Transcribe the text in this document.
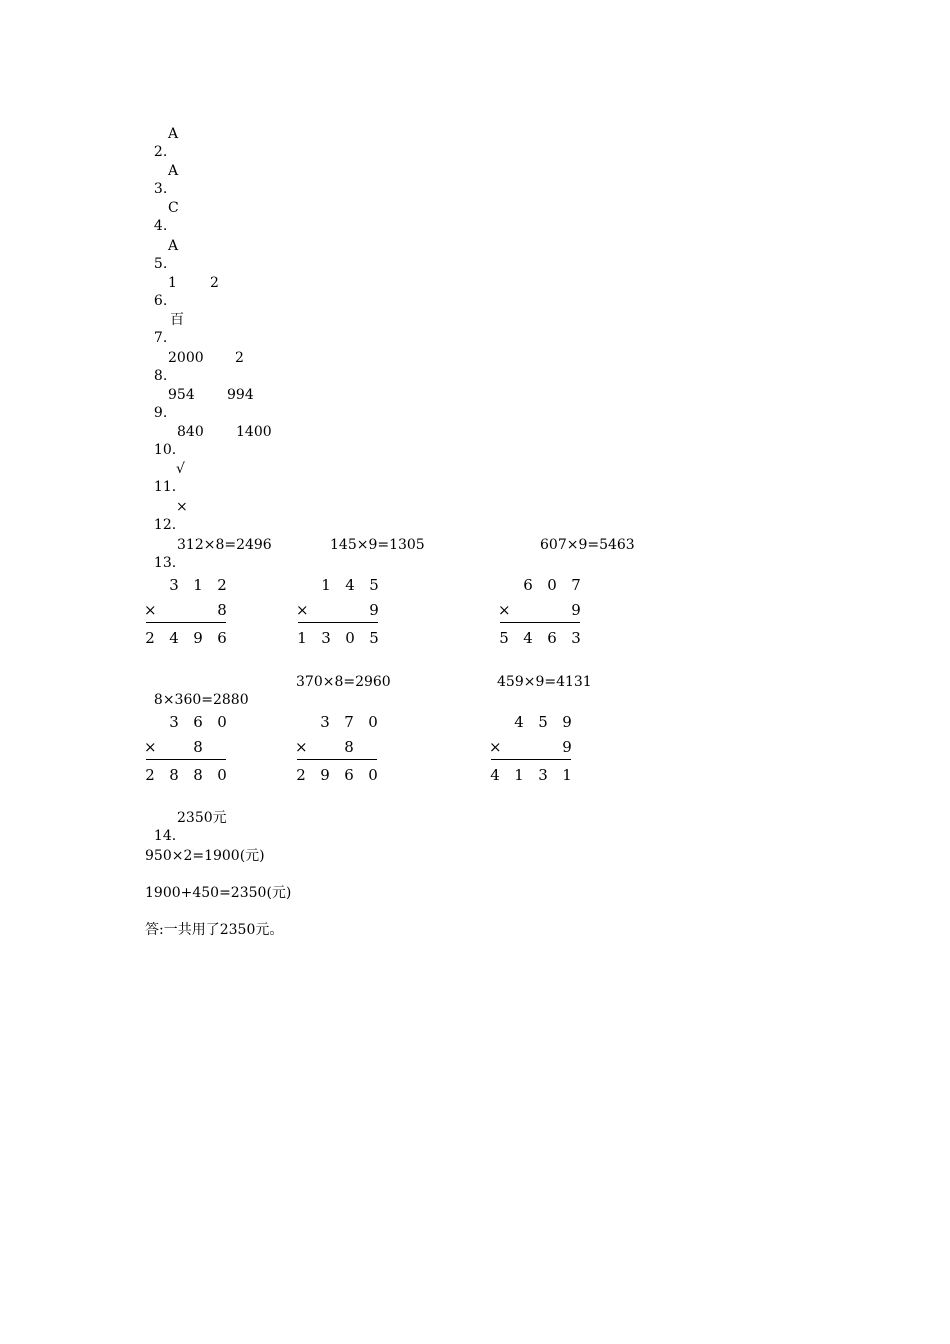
2.
A

3.
A

4.
C

5.
A

6.
1 2

7.
百

8.
2000 2

9.
954 994

10.
840 1400

11.
√

12.
×

13.
312×8=2496	145×9=1305	607×9=5463

3 1 2
×	8
2 4 9 6
1 4 5
×	9
1 3 0 5
6 0 7
×	9
5 4 6 3

8×360=2880
370×8=2960	459×9=4131

3 6 0
× 8
2 8 8 0
3 7 0
× 8
2 9 6 0
4 5 9
×	9
4 1 3 1

14.
2350元

950×2=1900(元)
1900+450=2350(元)
答:一共用了2350元。
